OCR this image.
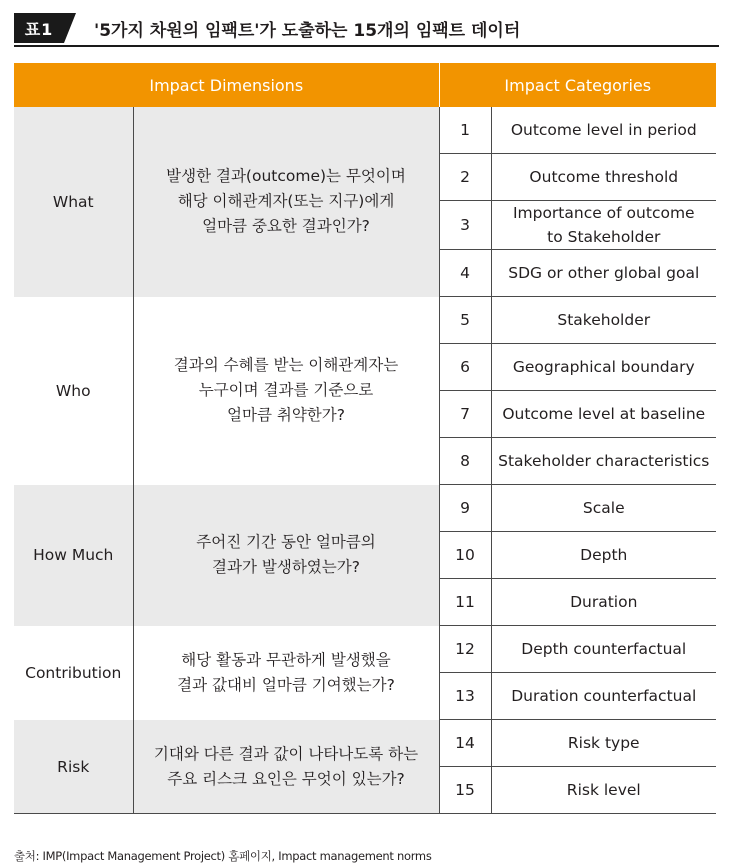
표1	'5가지 차원의 임팩트'가 도출하는 15개의 임팩트 데이터
Impact Dimensions		Impact Categories	
What	발생한 결과(outcome)는 무엇이며
해당 이해관계자(또는 지구)에게
얼마큼 중요한 결과인가?	1	Outcome level in period
		2	Outcome threshold
		3	Importance of outcome to Stakeholder
		4	SDG or other global goal
Who	결과의 수혜를 받는 이해관계자는
누구이며 결과를 기준으로
얼마큼 취약한가?	5	Stakeholder
		6	Geographical boundary
		7	Outcome level at baseline
		8	Stakeholder characteristics
How Much	주어진 기간 동안 얼마큼의
결과가 발생하였는가?	9	Scale
		10	Depth
		11	Duration
Contribution	해당 활동과 무관하게 발생했을
결과 값대비 얼마큼 기여했는가?	12	Depth counterfactual
		13	Duration counterfactual
Risk	기대와 다른 결과 값이 나타나도록 하는
주요 리스크 요인은 무엇이 있는가?	14	Risk type
		15	Risk level
출처: IMP(Impact Management Project) 홈페이지, Impact management norms
